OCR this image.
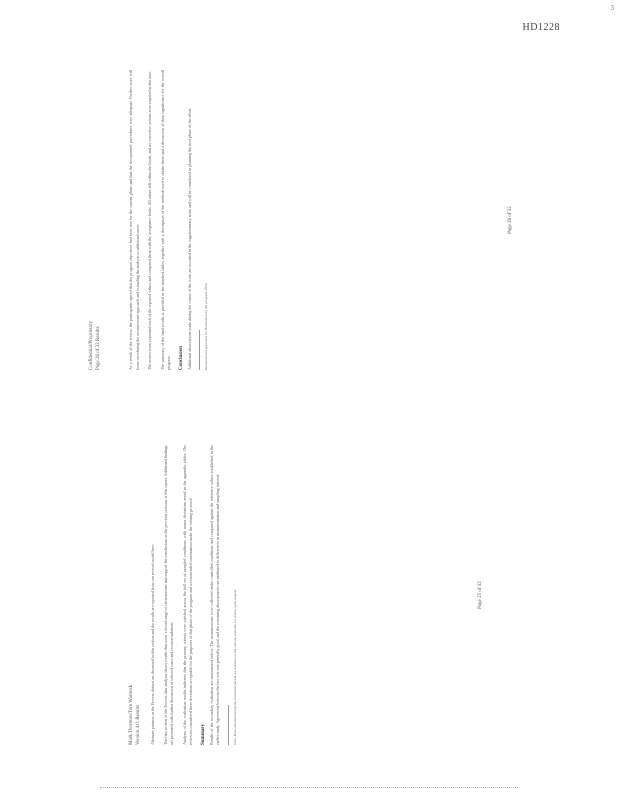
3
HD1228
Mark Thornton/Tom Warnock Version 4.0: Results Alternate partners in the Process dataset are discussed in this section and the results are reported from our revised model here.	The first section of the Process data analysis shows results that cover a broad range of environments and support the conclusions in the previous sections of this report. Additional findings are presented with further discussion of selected cases and recommendations.	Analysis of the evaluation results indicates that the primary criteria were satisfied across the full set of sampled conditions, with minor deviations noted in the appendix tables. The reviewers considered these deviations acceptable for the purposes of this phase of the program and recommended continuation under the existing protocol.	Summary Results of the secondary evaluation are summarized below. The measurements were collected under controlled conditions and compared against the reference values established in the earlier study. Agreement between the two sets was generally good, and the remaining discrepancies are attributed to differences in instrumentation and sampling interval.	Note: Data collected during the evaluation period are retained on file and are available for review upon request.	Page 25 of 32
Confidential/Proprietary Page 26 of 32 Results	As a result of the review, the participants agreed that the program objectives had been met for the current phase and that the documented procedures were adequate. Further work will focus on refining the measurement approach and extending the analysis to additional cases.	The review team examined each of the reported values and compared them with the acceptance limits. All values fell within the limits, and no corrective actions were required at this time.	The summary of the final results is provided in the attached tables, together with a description of the methods used to obtain them and a discussion of their significance for the overall program.	Conclusion Additional observations made during the course of the work are recorded in the supplementary notes and will be considered in planning the next phase of the effort.	Reviewed and approved for distribution by the program office.

Page 26 of 32
